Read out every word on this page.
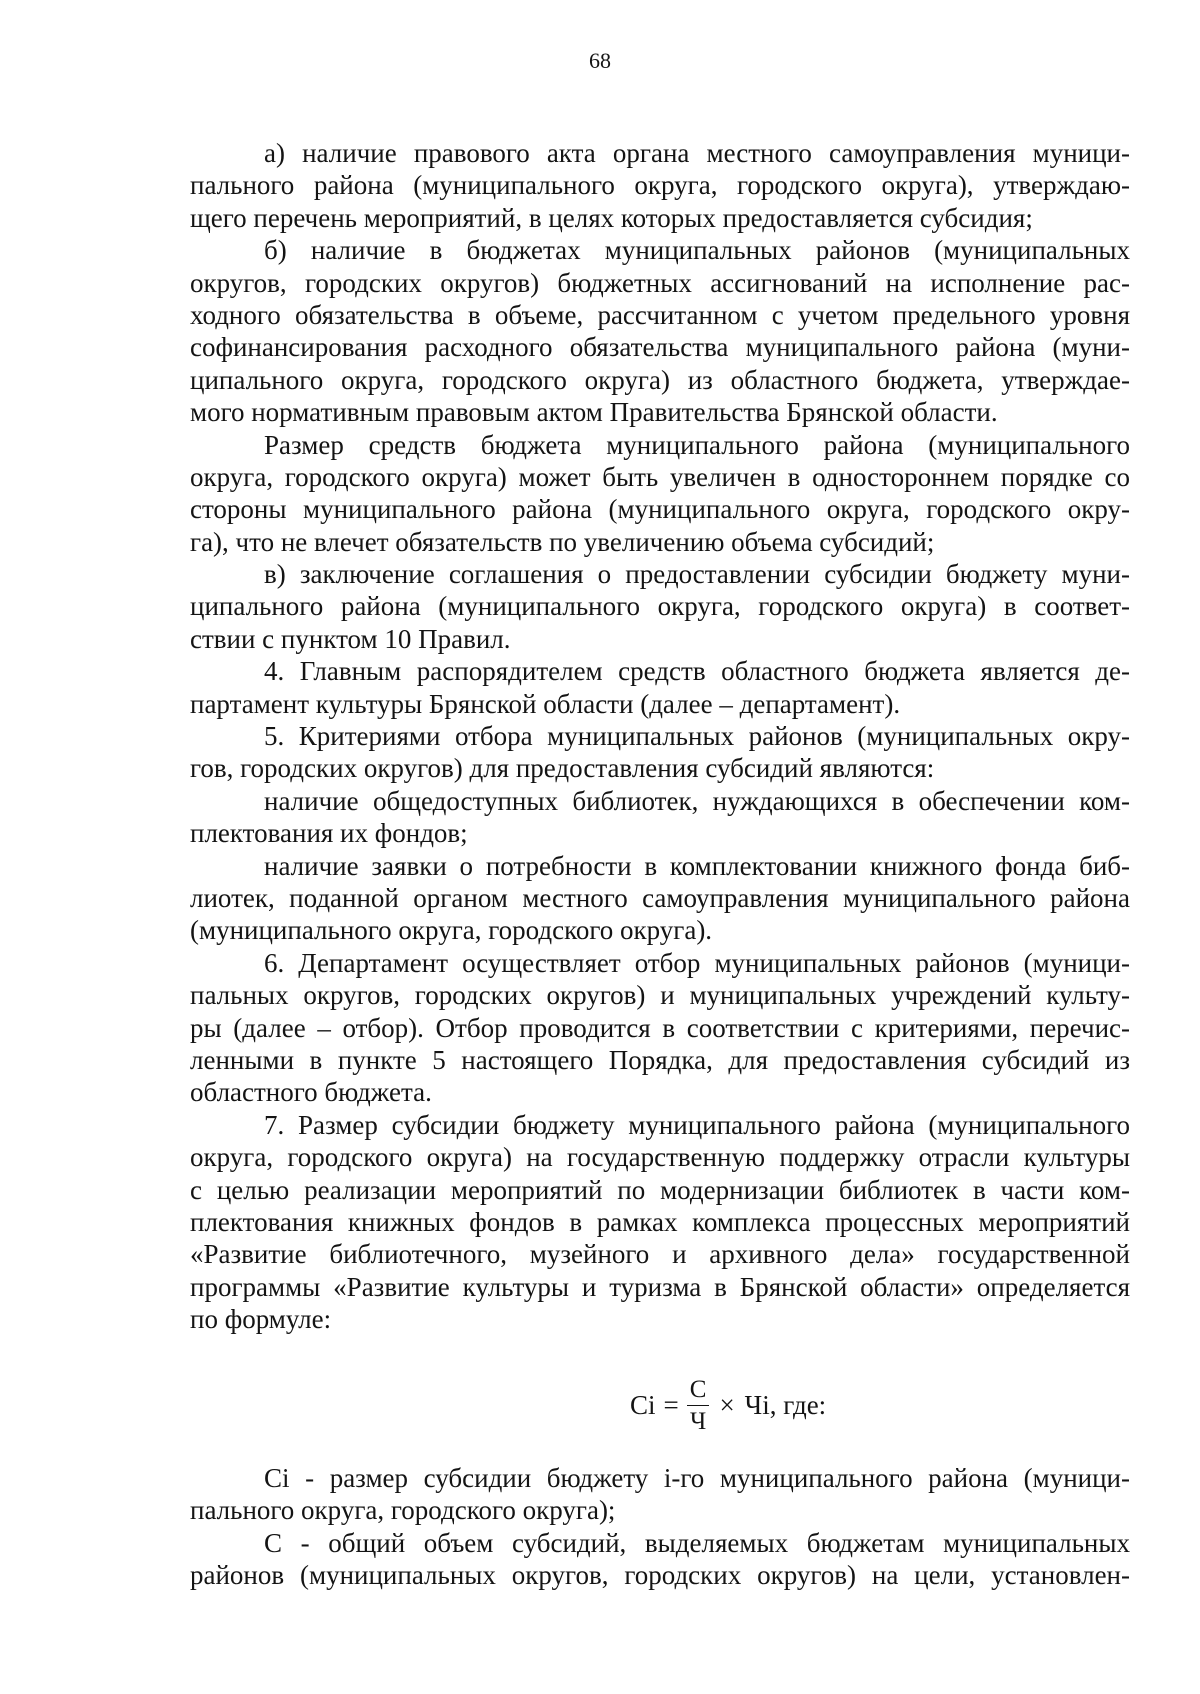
68
а) наличие правового акта органа местного самоуправления муници-
пального района (муниципального округа, городского округа), утверждаю-
щего перечень мероприятий, в целях которых предоставляется субсидия;
б) наличие в бюджетах муниципальных районов (муниципальных
округов, городских округов) бюджетных ассигнований на исполнение рас-
ходного обязательства в объеме, рассчитанном с учетом предельного уровня
софинансирования расходного обязательства муниципального района (муни-
ципального округа, городского округа) из областного бюджета, утверждае-
мого нормативным правовым актом Правительства Брянской области.
Размер средств бюджета муниципального района (муниципального
округа, городского округа) может быть увеличен в одностороннем порядке со
стороны муниципального района (муниципального округа, городского окру-
га), что не влечет обязательств по увеличению объема субсидий;
в) заключение соглашения о предоставлении субсидии бюджету муни-
ципального района (муниципального округа, городского округа) в соответ-
ствии с пунктом 10 Правил.
4. Главным распорядителем средств областного бюджета является де-
партамент культуры Брянской области (далее – департамент).
5. Критериями отбора муниципальных районов (муниципальных окру-
гов, городских округов) для предоставления субсидий являются:
наличие общедоступных библиотек, нуждающихся в обеспечении ком-
плектования их фондов;
наличие заявки о потребности в комплектовании книжного фонда биб-
лиотек, поданной органом местного самоуправления муниципального района
(муниципального округа, городского округа).
6. Департамент осуществляет отбор муниципальных районов (муници-
пальных округов, городских округов) и муниципальных учреждений культу-
ры (далее – отбор). Отбор проводится в соответствии с критериями, перечис-
ленными в пункте 5 настоящего Порядка, для предоставления субсидий из
областного бюджета.
7. Размер субсидии бюджету муниципального района (муниципального
округа, городского округа) на государственную поддержку отрасли культуры
с целью реализации мероприятий по модернизации библиотек в части ком-
плектования книжных фондов в рамках комплекса процессных мероприятий
«Развитие библиотечного, музейного и архивного дела» государственной
программы «Развитие культуры и туризма в Брянской области» определяется
по формуле:
$Ci = \frac{С}{Ч}$ × Чi, где:
Ci - размер субсидии бюджету i-го муниципального района (муници-
пального округа, городского округа);
С - общий объем субсидий, выделяемых бюджетам муниципальных
районов (муниципальных округов, городских округов) на цели, установлен-
